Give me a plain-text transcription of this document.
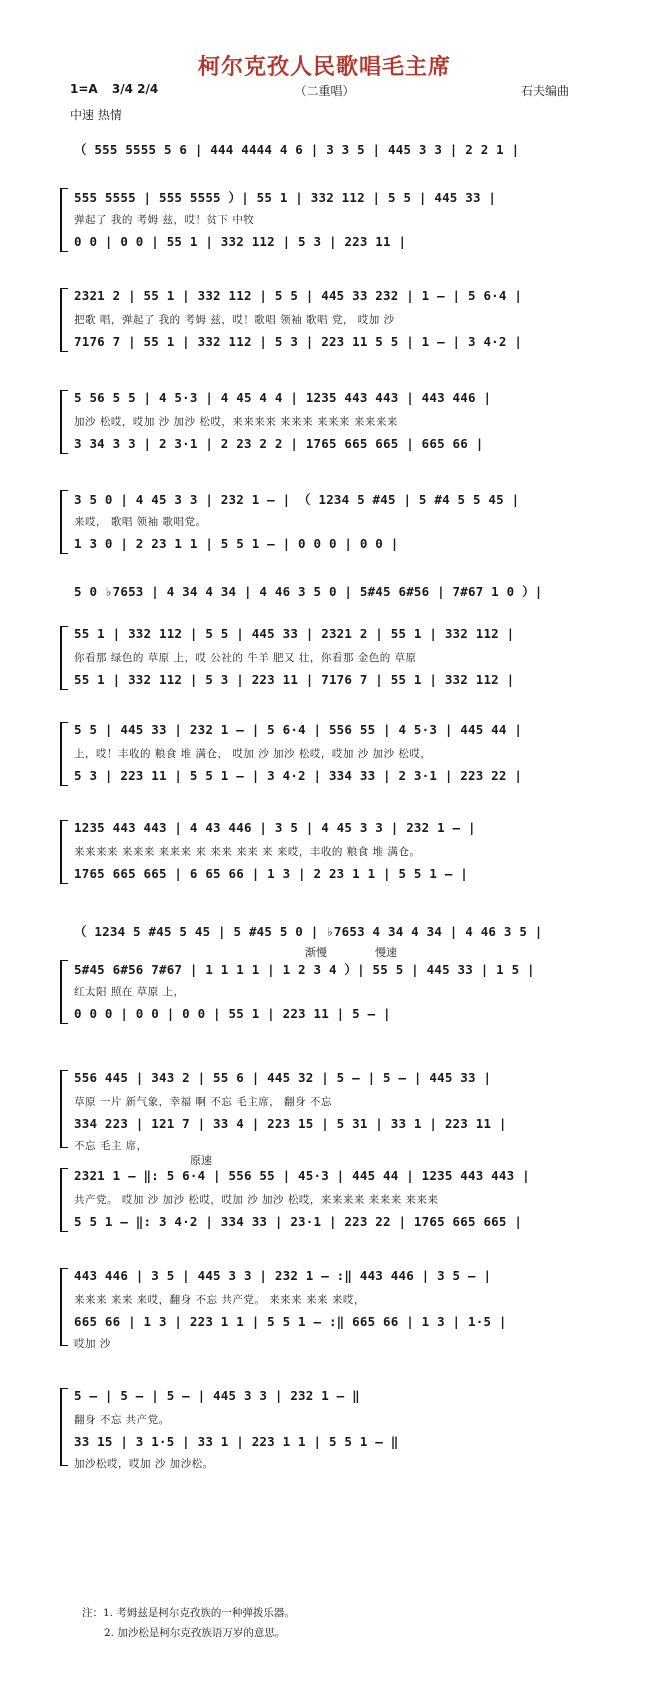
柯尔克孜人民歌唱毛主席
1=A 3/4 2/4
中速 热情
（二重唱）	石夫编曲
（ 555 5555 5 6 | 444 4444 4 6 | 3 3 5 | 445 3 3 | 2 2 1 |
555 5555 | 555 5555 ）| 55 1 | 332 112 | 5 5 | 445 33 |
弹起了 我的 考姆 兹，哎！贫下 中牧
0 0 | 0 0 | 55 1 | 332 112 | 5 3 | 223 11 |
2321 2 | 55 1 | 332 112 | 5 5 | 445 33 232 | 1 – | 5 6·4 |
把歌 唱，弹起了 我的 考姆 兹，哎！歌唱 领袖 歌唱 党， 哎加 沙
7176 7 | 55 1 | 332 112 | 5 3 | 223 11 5 5 | 1 – | 3 4·2 |
5 56 5 5 | 4 5·3 | 4 45 4 4 | 1235 443 443 | 443 446 |
加沙 松哎，哎加 沙 加沙 松哎，来来来来 来来来 来来来 来来来来
3 34 3 3 | 2 3·1 | 2 23 2 2 | 1765 665 665 | 665 66 |
3 5 0 | 4 45 3 3 | 232 1 – | （ 1234 5 #45 | 5 #4 5 5 45 |
来哎， 歌唱 领袖 歌唱党。
1 3 0 | 2 23 1 1 | 5 5 1 – | 0 0 0 | 0 0 |
5 0 ♭7653 | 4 34 4 34 | 4 46 3 5 0 | 5#45 6#56 | 7#67 1 0 ）|
55 1 | 332 112 | 5 5 | 445 33 | 2321 2 | 55 1 | 332 112 |
你看那 绿色的 草原 上，哎 公社的 牛羊 肥又 壮，你看那 金色的 草原
55 1 | 332 112 | 5 3 | 223 11 | 7176 7 | 55 1 | 332 112 |
5 5 | 445 33 | 232 1 – | 5 6·4 | 556 55 | 4 5·3 | 445 44 |
上，哎！丰收的 粮食 堆 满仓， 哎加 沙 加沙 松哎，哎加 沙 加沙 松哎，
5 3 | 223 11 | 5 5 1 – | 3 4·2 | 334 33 | 2 3·1 | 223 22 |
1235 443 443 | 4 43 446 | 3 5 | 4 45 3 3 | 232 1 – |
来来来来 来来来 来来来 来 来来 来来 来 来哎，丰收的 粮食 堆 满仓。
1765 665 665 | 6 65 66 | 1 3 | 2 23 1 1 | 5 5 1 – |
（ 1234 5 #45 5 45 | 5 #45 5 0 | ♭7653 4 34 4 34 | 4 46 3 5 |
5#45 6#56 7#67 | 1 1 1 1 | 1 2 3 4 ）| 55 5 | 445 33 | 1 5 |
红太阳 照在 草原 上，
0 0 0 | 0 0 | 0 0 | 55 1 | 223 11 | 5 – |
渐慢	慢速
556 445 | 343 2 | 55 6 | 445 32 | 5 – | 5 – | 445 33 |
草原 一片 新气象，幸福 啊 不忘 毛主席， 翻身 不忘
334 223 | 121 7 | 33 4 | 223 15 | 5 31 | 33 1 | 223 11 |
不忘 毛主 席，
2321 1 – ‖: 5 6·4 | 556 55 | 45·3 | 445 44 | 1235 443 443 |
共产党。 哎加 沙 加沙 松哎，哎加 沙 加沙 松哎，来来来来 来来来 来来来
5 5 1 – ‖: 3 4·2 | 334 33 | 23·1 | 223 22 | 1765 665 665 |
原速
443 446 | 3 5 | 445 3 3 | 232 1 – :‖ 443 446 | 3 5 – |
来来来 来来 来哎，翻身 不忘 共产党。 来来来 来来 来哎，
665 66 | 1 3 | 223 1 1 | 5 5 1 – :‖ 665 66 | 1 3 | 1·5 |
哎加 沙
5 – | 5 – | 5 – | 445 3 3 | 232 1 – ‖
翻身 不忘 共产党。
33 15 | 3 1·5 | 33 1 | 223 1 1 | 5 5 1 – ‖
加沙松哎，哎加 沙 加沙松。
注：1. 考姆兹是柯尔克孜族的一种弹拨乐器。
2. 加沙松是柯尔克孜族语万岁的意思。
